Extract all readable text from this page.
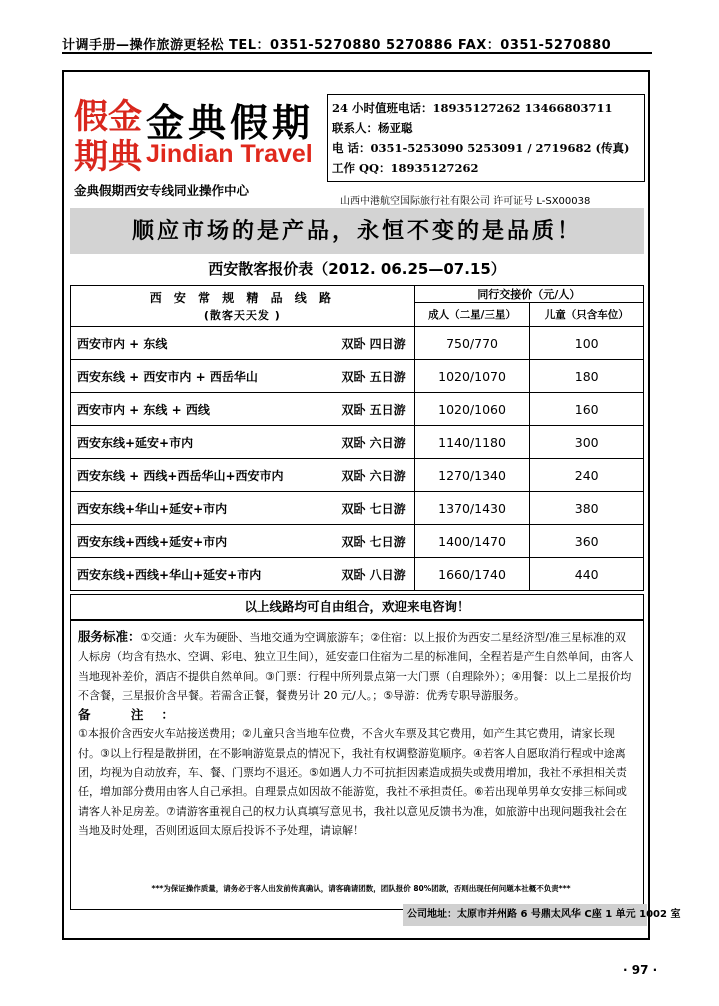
计调手册—操作旅游更轻松 TEL：0351-5270880 5270886 FAX：0351-5270880
假 金
期 典
金典假期
Jindian Travel
金典假期西安专线同业操作中心
24 小时值班电话：18935127262 13466803711
联系人：杨亚聪
电 话：0351-5253090 5253091 / 2719682 (传真)
工作 QQ：18935127262
山西中港航空国际旅行社有限公司 许可证号 L-SX00038
顺应市场的是产品，永恒不变的是品质！
西安散客报价表（2012. 06.25—07.15）
西 安 常 规 精 品 线 路
(散客天天发 )	同行交接价（元/人）	
	成人（二星/三星）	儿童（只含车位）

西安市内 + 东线 双卧 四日游	750/770	100

西安东线 + 西安市内 + 西岳华山 双卧 五日游	1020/1070	180

西安市内 + 东线 + 西线 双卧 五日游	1020/1060	160

西安东线+延安+市内 双卧 六日游	1140/1180	300

西安东线 + 西线+西岳华山+西安市内 双卧 六日游	1270/1340	240

西安东线+华山+延安+市内 双卧 七日游	1370/1430	380

西安东线+西线+延安+市内 双卧 七日游	1400/1470	360

西安东线+西线+华山+延安+市内 双卧 八日游	1660/1740	440
以上线路均可自由组合，欢迎来电咨询！
服务标准：①交通：火车为硬卧、当地交通为空调旅游车；②住宿：以上报价为西安二星经济型/准三星标准的双人标房（均含有热水、空调、彩电、独立卫生间），延安壶口住宿为二星的标准间，全程若是产生自然单间，由客人当地现补差价，酒店不提供自然单间。③门票：行程中所列景点第一大门票（自理除外）；④用餐：以上二星报价均不含餐，三星报价含早餐。若需含正餐，餐费另计 20 元/人。；⑤导游：优秀专职导游服务。
备 注：
①本报价含西安火车站接送费用；②儿童只含当地车位费，不含火车票及其它费用，如产生其它费用，请家长现付。③以上行程是散拼团，在不影响游览景点的情况下，我社有权调整游览顺序。④若客人自愿取消行程或中途离团，均视为自动放弃，车、餐、门票均不退还。⑤如遇人力不可抗拒因素造成损失或费用增加，我社不承担相关责任，增加部分费用由客人自己承担。自理景点如因故不能游览，我社不承担责任。⑥若出现单男单女安排三标间或请客人补足房差。⑦请游客重视自己的权力认真填写意见书，我社以意见反馈书为准，如旅游中出现问题我社会在当地及时处理，否则团返回太原后投诉不予处理，请谅解！
***为保证操作质量，请务必于客人出发前传真确认，请客确请团数，团队报价 80%团款，否则出现任何问题本社概不负责***
公司地址：太原市并州路 6 号鼎太风华 C座 1 单元 1002 室
· 97 ·
